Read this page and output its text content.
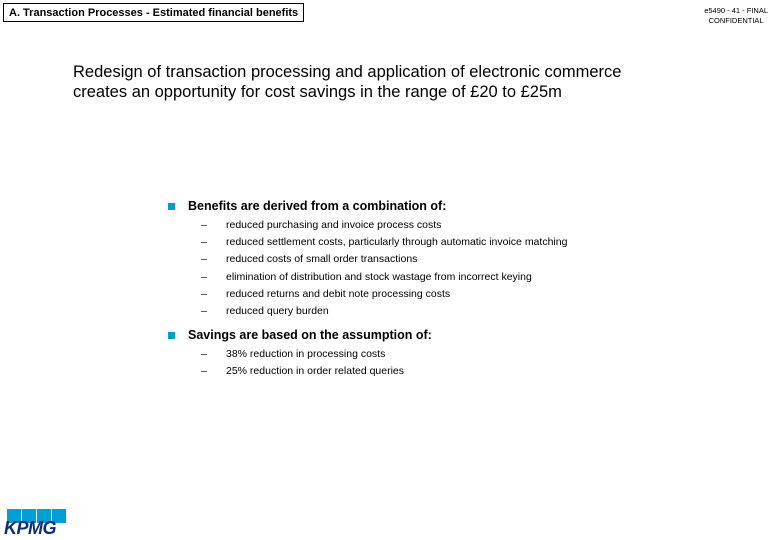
A. Transaction Processes - Estimated financial benefits	e5490 - 41 - FINAL
CONFIDENTIAL
Redesign of transaction processing and application of electronic commerce
creates an opportunity for cost savings in the range of £20 to £25m
Benefits are derived from a combination of:
–	reduced purchasing and invoice process costs
–	reduced settlement costs, particularly through automatic invoice matching
–	reduced costs of small order transactions
–	elimination of distribution and stock wastage from incorrect keying
–	reduced returns and debit note processing costs
–	reduced query burden
Savings are based on the assumption of:
–	38% reduction in processing costs
–	25% reduction in order related queries
KPMG
